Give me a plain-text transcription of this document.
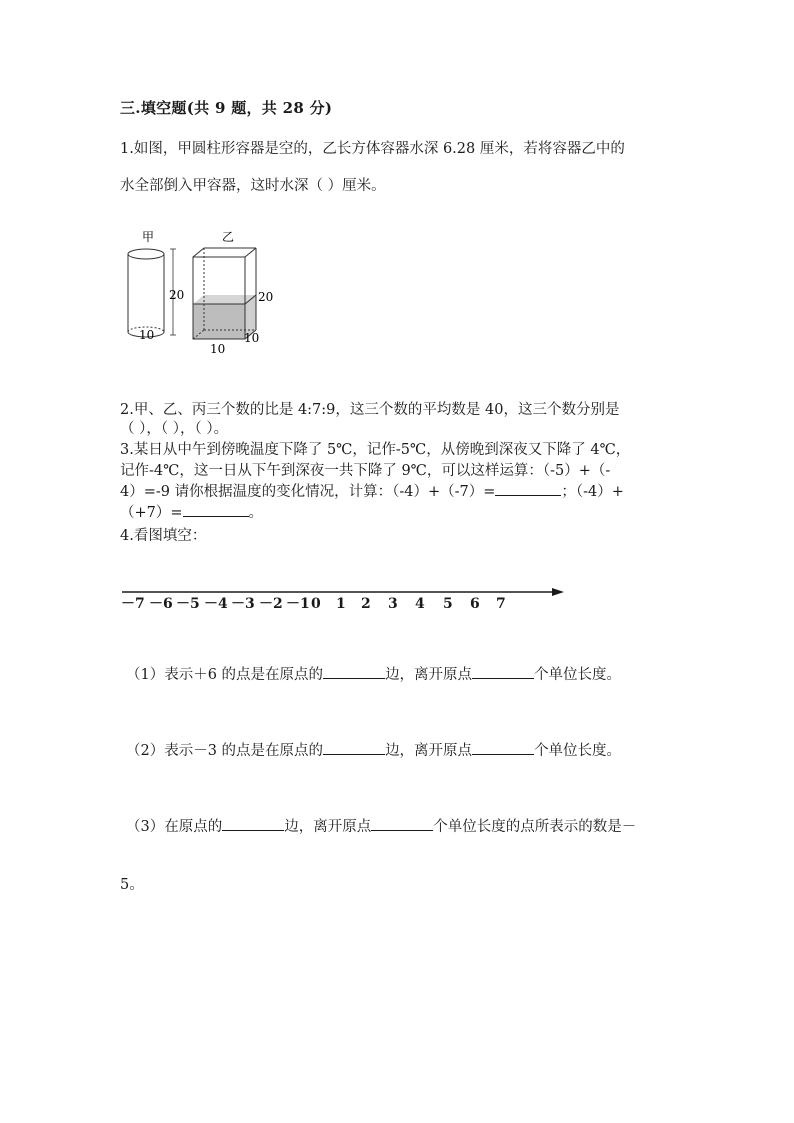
三.填空题(共 9 题，共 28 分)
1.如图，甲圆柱形容器是空的，乙长方体容器水深 6.28 厘米，若将容器乙中的
水全部倒入甲容器，这时水深（ ）厘米。
甲
20
10
乙
20
10
10
2.甲、乙、丙三个数的比是 4:7:9，这三个数的平均数是 40，这三个数分别是
（ ），（ ），（ ）。
3.某日从中午到傍晚温度下降了 5℃，记作-5℃，从傍晚到深夜又下降了 4℃，
记作-4℃，这一日从下午到深夜一共下降了 9℃，可以这样运算：（-5）+（-
4）=-9 请你根据温度的变化情况，计算：（-4）+（-7）=	；（-4）+
（+7）=	。
4.看图填空：
－7 －6 －5 －4 －3 －2 －1 0 1 2 3 4 5 6 7
（1）表示＋6 的点是在原点的	边，离开原点	个单位长度。
（2）表示－3 的点是在原点的	边，离开原点	个单位长度。
（3）在原点的	边，离开原点	个单位长度的点所表示的数是－
5。
